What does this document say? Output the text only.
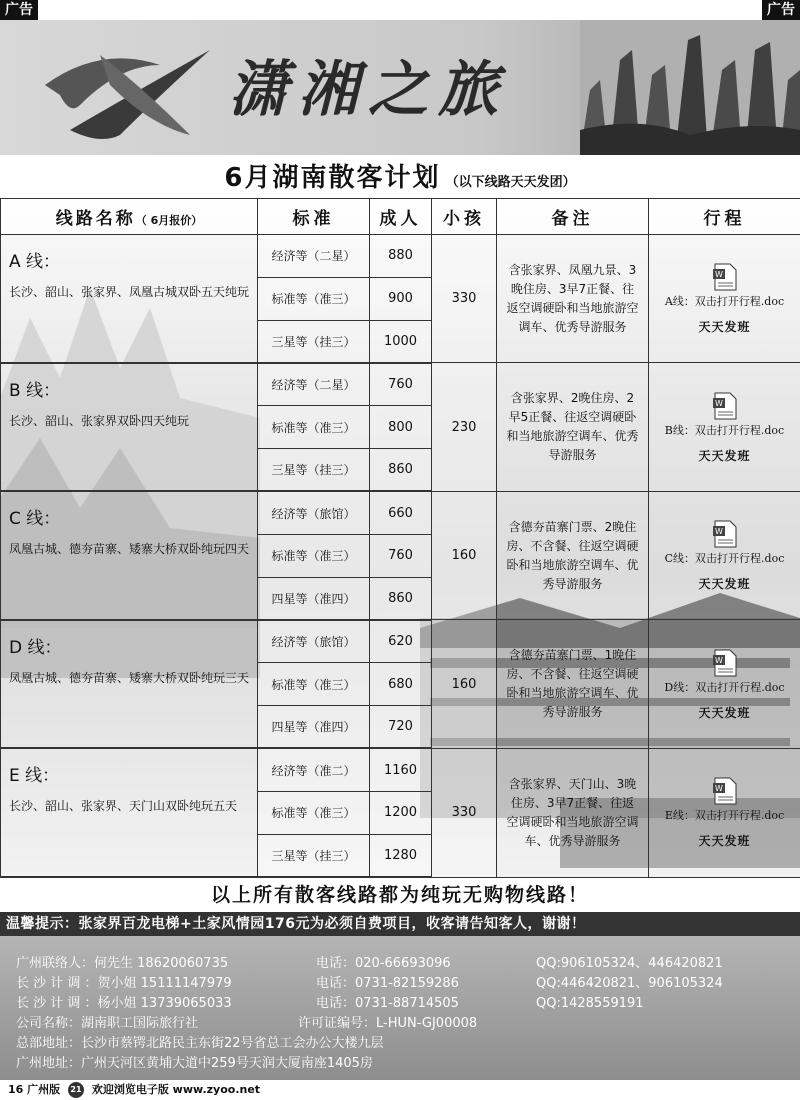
广告	广告
潇湘之旅
6月湖南散客计划 （以下线路天天发团）
线路名称（ 6月报价）	标准	成人	小孩	备注	行程

A 线：
长沙、韶山、张家界、凤凰古城双卧五天纯玩	经济等（二星）	880	330	含张家界、凤凰九景、3晚住房、3早7正餐、往返空调硬卧和当地旅游空调车、优秀导游服务	W
A线：双击打开行程.doc
天天发班

	标准等（准三）	900			
	三星等（挂三）	1000			

B 线：
长沙、韶山、张家界双卧四天纯玩	经济等（二星）	760	230	含张家界、2晚住房、2早5正餐、往返空调硬卧和当地旅游空调车、优秀导游服务	W
B线：双击打开行程.doc
天天发班

	标准等（准三）	800			
	三星等（挂三）	860			

C 线：
凤凰古城、德夯苗寨、矮寨大桥双卧纯玩四天	经济等（旅馆）	660	160	含德夯苗寨门票、2晚住房、不含餐、往返空调硬卧和当地旅游空调车、优秀导游服务	W
C线：双击打开行程.doc
天天发班

	标准等（准三）	760			
	四星等（准四）	860			

D 线：
凤凰古城、德夯苗寨、矮寨大桥双卧纯玩三天	经济等（旅馆）	620	160	含德夯苗寨门票、1晚住房、不含餐、往返空调硬卧和当地旅游空调车、优秀导游服务	W
D线：双击打开行程.doc
天天发班

	标准等（准三）	680			
	四星等（准四）	720			

E 线：
长沙、韶山、张家界、天门山双卧纯玩五天	经济等（准二）	1160	330	含张家界、天门山、3晚住房、3早7正餐、往返空调硬卧和当地旅游空调车、优秀导游服务	W
E线：双击打开行程.doc
天天发班

	标准等（准三）	1200			
	三星等（挂三）	1280			
以上所有散客线路都为纯玩无购物线路！
温馨提示：张家界百龙电梯+土家风情园176元为必须自费项目，收客请告知客人，谢谢！
广州联络人：何先生 18620060735	电话：020-66693096	QQ:906105324、446420821
长 沙 计 调 ：贺小姐 15111147979	电话：0731-82159286	QQ:446420821、906105324
长 沙 计 调 ：杨小姐 13739065033	电话：0731-88714505	QQ:1428559191
公司名称：湖南职工国际旅行社	许可证编号：L-HUN-GJ00008
总部地址：长沙市蔡锷北路民主东街22号省总工会办公大楼九层
广州地址：广州天河区黄埔大道中259号天润大厦南座1405房
16 广州版 21 欢迎浏览电子版 www.zyoo.net
